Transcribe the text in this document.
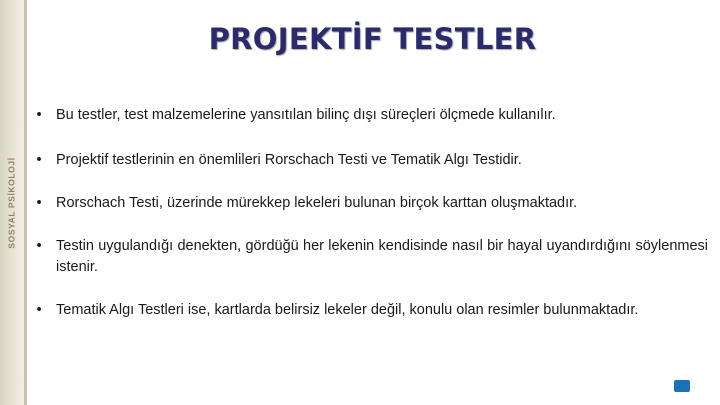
SOSYAL PSİKOLOJİ
PROJEKTİF TESTLER
• Bu testler, test malzemelerine yansıtılan bilinç dışı süreçleri ölçmede kullanılır.
• Projektif testlerinin en önemlileri Rorschach Testi ve Tematik Algı Testidir.
• Rorschach Testi, üzerinde mürekkep lekeleri bulunan birçok karttan oluşmaktadır.
• Testin uygulandığı denekten, gördüğü her lekenin kendisinde nasıl bir hayal uyandırdığını söylenmesi istenir.
• Tematik Algı Testleri ise, kartlarda belirsiz lekeler değil, konulu olan resimler bulunmaktadır.
